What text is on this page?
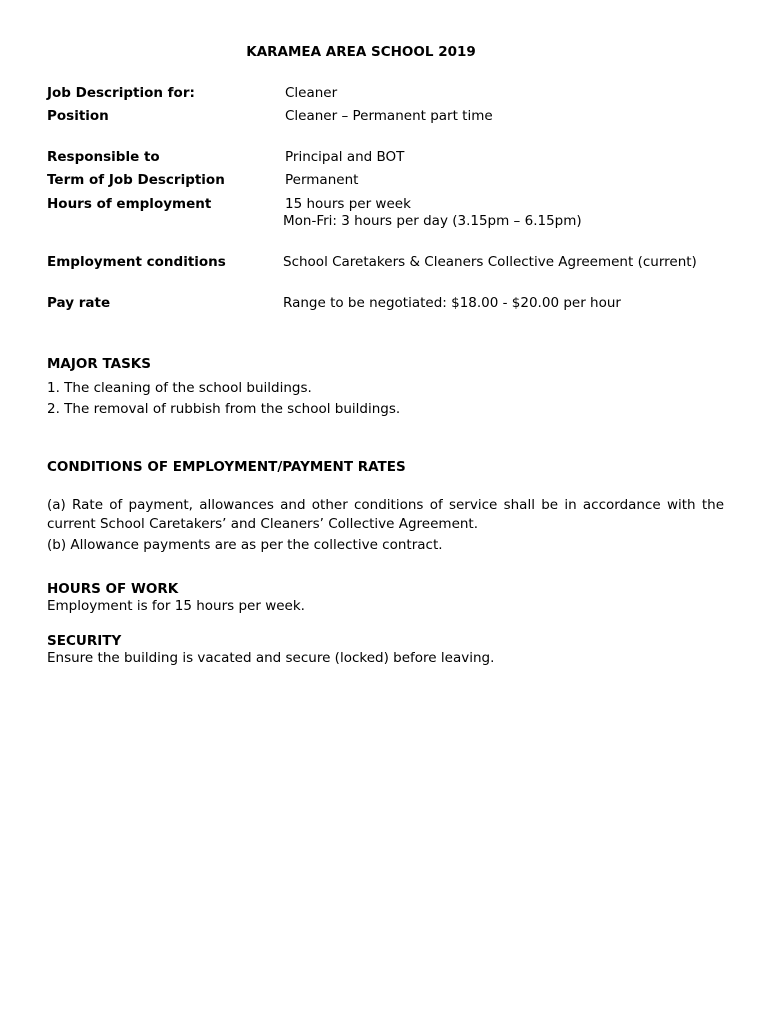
KARAMEA AREA SCHOOL 2019
Job Description for:	Cleaner
Position	Cleaner – Permanent part time
Responsible to	Principal and BOT
Term of Job Description	Permanent
Hours of employment	15 hours per week
Mon-Fri: 3 hours per day (3.15pm – 6.15pm)
Employment conditions	School Caretakers & Cleaners Collective Agreement (current)
Pay rate	Range to be negotiated: $18.00 - $20.00 per hour
MAJOR TASKS
1. The cleaning of the school buildings.
2. The removal of rubbish from the school buildings.
CONDITIONS OF EMPLOYMENT/PAYMENT RATES
(a) Rate of payment, allowances and other conditions of service shall be in accordance with the current School Caretakers’ and Cleaners’ Collective Agreement.
(b) Allowance payments are as per the collective contract.
HOURS OF WORK
Employment is for 15 hours per week.
SECURITY
Ensure the building is vacated and secure (locked) before leaving.
